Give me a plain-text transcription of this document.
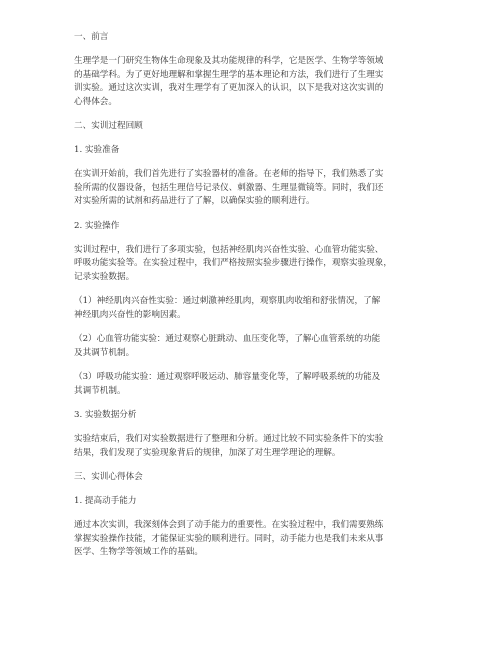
一、前言
生理学是一门研究生物体生命现象及其功能规律的科学，它是医学、生物学等领域
的基础学科。为了更好地理解和掌握生理学的基本理论和方法，我们进行了生理实
训实验。通过这次实训，我对生理学有了更加深入的认识，以下是我对这次实训的
心得体会。
二、实训过程回顾
1. 实验准备
在实训开始前，我们首先进行了实验器材的准备。在老师的指导下，我们熟悉了实
验所需的仪器设备，包括生理信号记录仪、刺激器、生理显微镜等。同时，我们还
对实验所需的试剂和药品进行了了解，以确保实验的顺利进行。
2. 实验操作
实训过程中，我们进行了多项实验，包括神经肌肉兴奋性实验、心血管功能实验、
呼吸功能实验等。在实验过程中，我们严格按照实验步骤进行操作，观察实验现象，
记录实验数据。
（1）神经肌肉兴奋性实验：通过刺激神经肌肉，观察肌肉收缩和舒张情况，了解
神经肌肉兴奋性的影响因素。
（2）心血管功能实验：通过观察心脏跳动、血压变化等，了解心血管系统的功能
及其调节机制。
（3）呼吸功能实验：通过观察呼吸运动、肺容量变化等，了解呼吸系统的功能及
其调节机制。
3. 实验数据分析
实验结束后，我们对实验数据进行了整理和分析。通过比较不同实验条件下的实验
结果，我们发现了实验现象背后的规律，加深了对生理学理论的理解。
三、实训心得体会
1. 提高动手能力
通过本次实训，我深刻体会到了动手能力的重要性。在实验过程中，我们需要熟练
掌握实验操作技能，才能保证实验的顺利进行。同时，动手能力也是我们未来从事
医学、生物学等领域工作的基础。
